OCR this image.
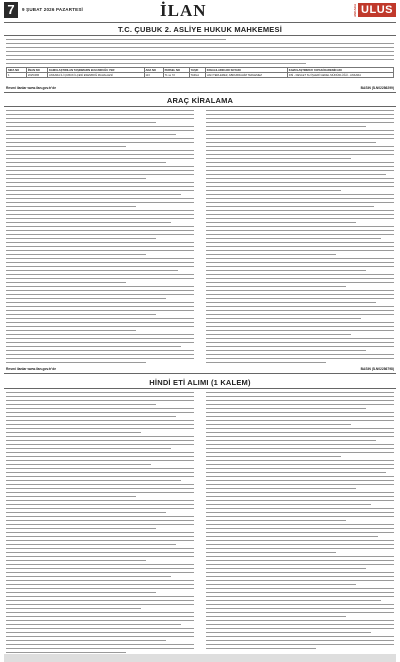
7	9 ŞUBAT 2026 PAZARTESİ	İLAN	ANKARA ULUS
T.C. ÇUBUK 2. ASLİYE HUKUK MAHKEMESİ
SIRA NO	İİSAN NO	KAMULAŞTIRILAN TAŞINMAZIN BULUNDUĞU YER	ADA NO	PARSEL NO	YAŞFI	DAVALILARIN ADI SOYADI	KAMULAŞTIRMAYI YAPAN İDARENİN ADI
1	2025/486	ANKARA İLİ ÇUBUK İLÇESİ ESENBOĞ MAHALLESİ	113	71 ve 72	TARLA	HAN TERLEMEZ, ABDURRAHİM TERLEMEZ	DSİ - DEVLET SU İŞLERİ GENEL MÜDÜRLÜĞÜ - ANKARA
Resmi ilanlar www.ilan.gov.tr'de	BASIN (İLN02286299)
ARAÇ KİRALAMA
Resmi ilanlar www.ilan.gov.tr'de	BASIN (İLN02286798)
HİNDİ ETİ ALIMI (1 KALEM)
